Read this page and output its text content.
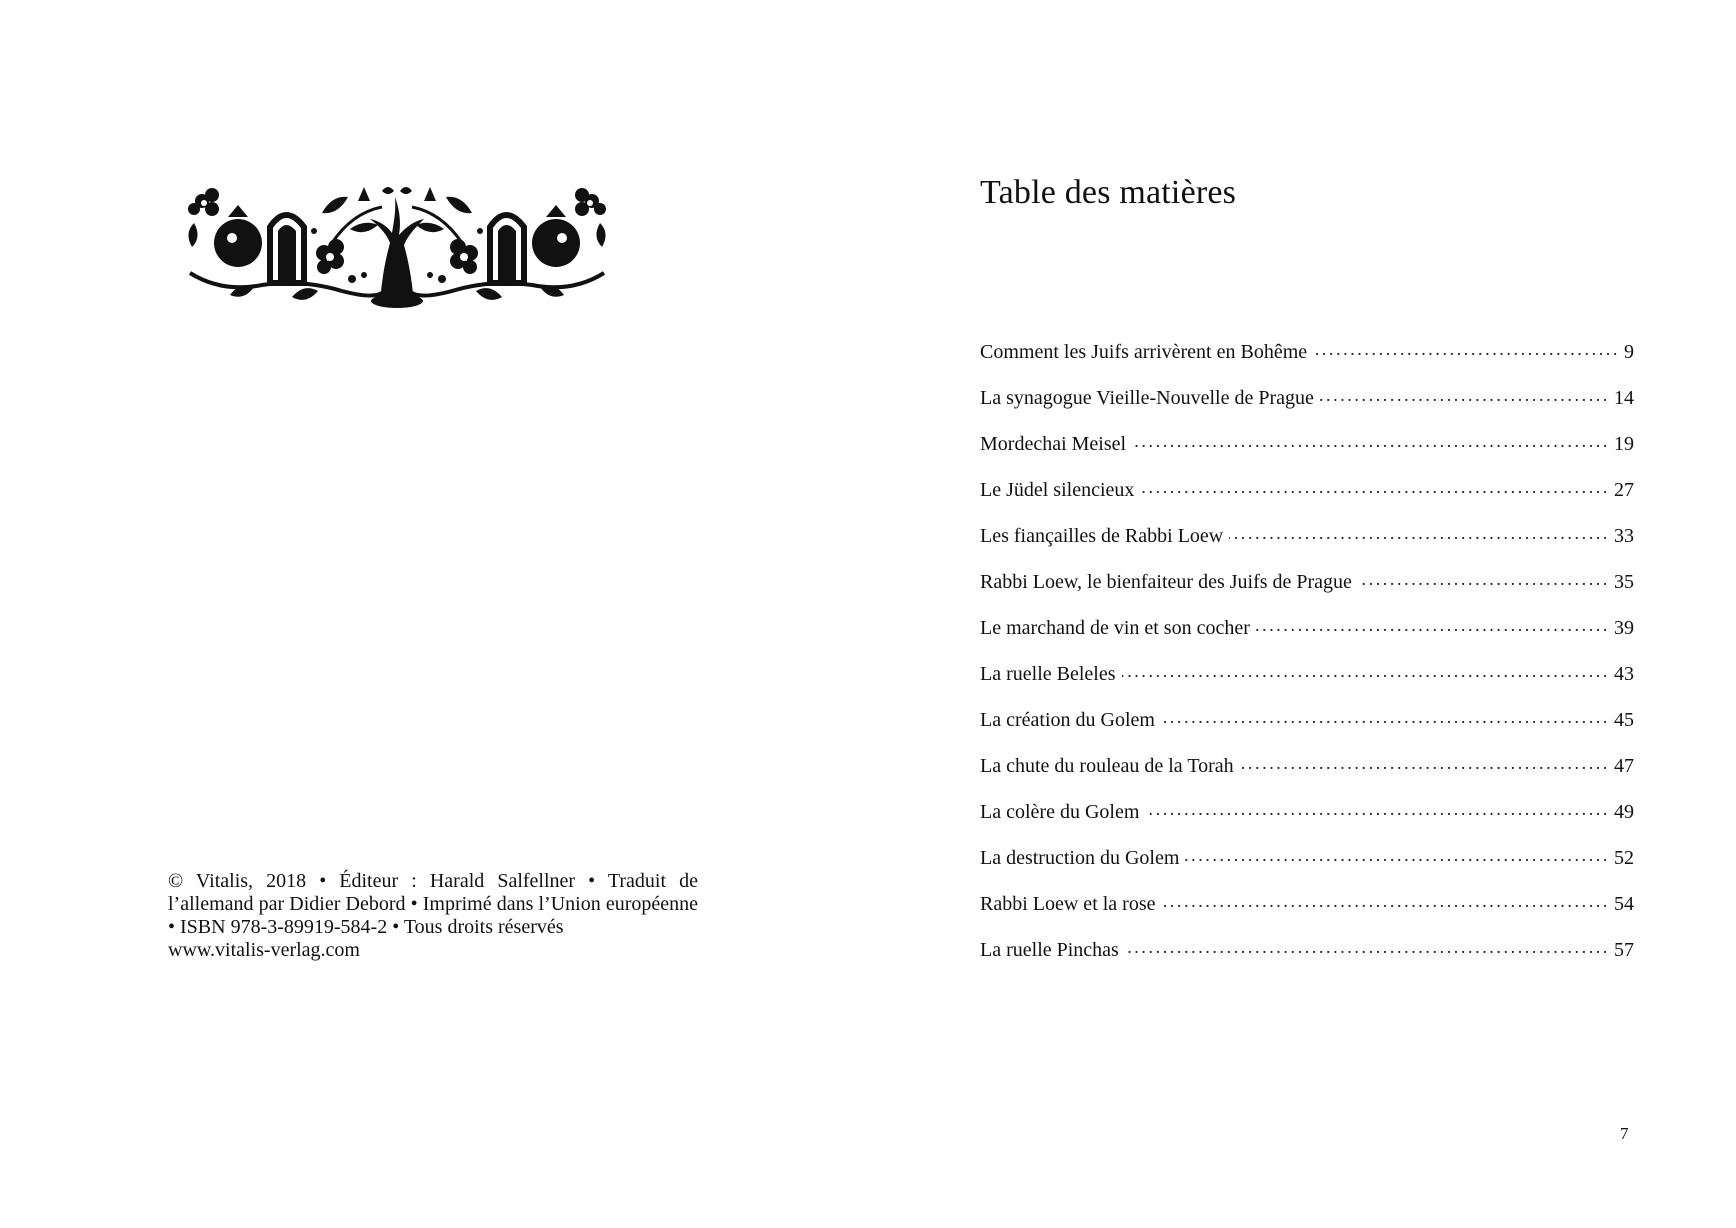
© Vitalis, 2018 • Éditeur : Harald Salfellner • Traduit de l’allemand par Didier Debord • Imprimé dans l’Union européenne • ISBN 978-3-89919-584-2 • Tous droits réservés
www.vitalis-verlag.com
Table des matières
Comment les Juifs arrivèrent en Bohême .....	9
La synagogue Vieille-Nouvelle de Prague .....	14
Mordechai Meisel .....	19
Le Jüdel silencieux .....	27
Les fiançailles de Rabbi Loew .....	33
Rabbi Loew, le bienfaiteur des Juifs de Prague .....	35
Le marchand de vin et son cocher .....	39
La ruelle Beleles .....	43
La création du Golem .....	45
La chute du rouleau de la Torah .....	47
La colère du Golem .....	49
La destruction du Golem .....	52
Rabbi Loew et la rose .....	54
La ruelle Pinchas .....	57
7
